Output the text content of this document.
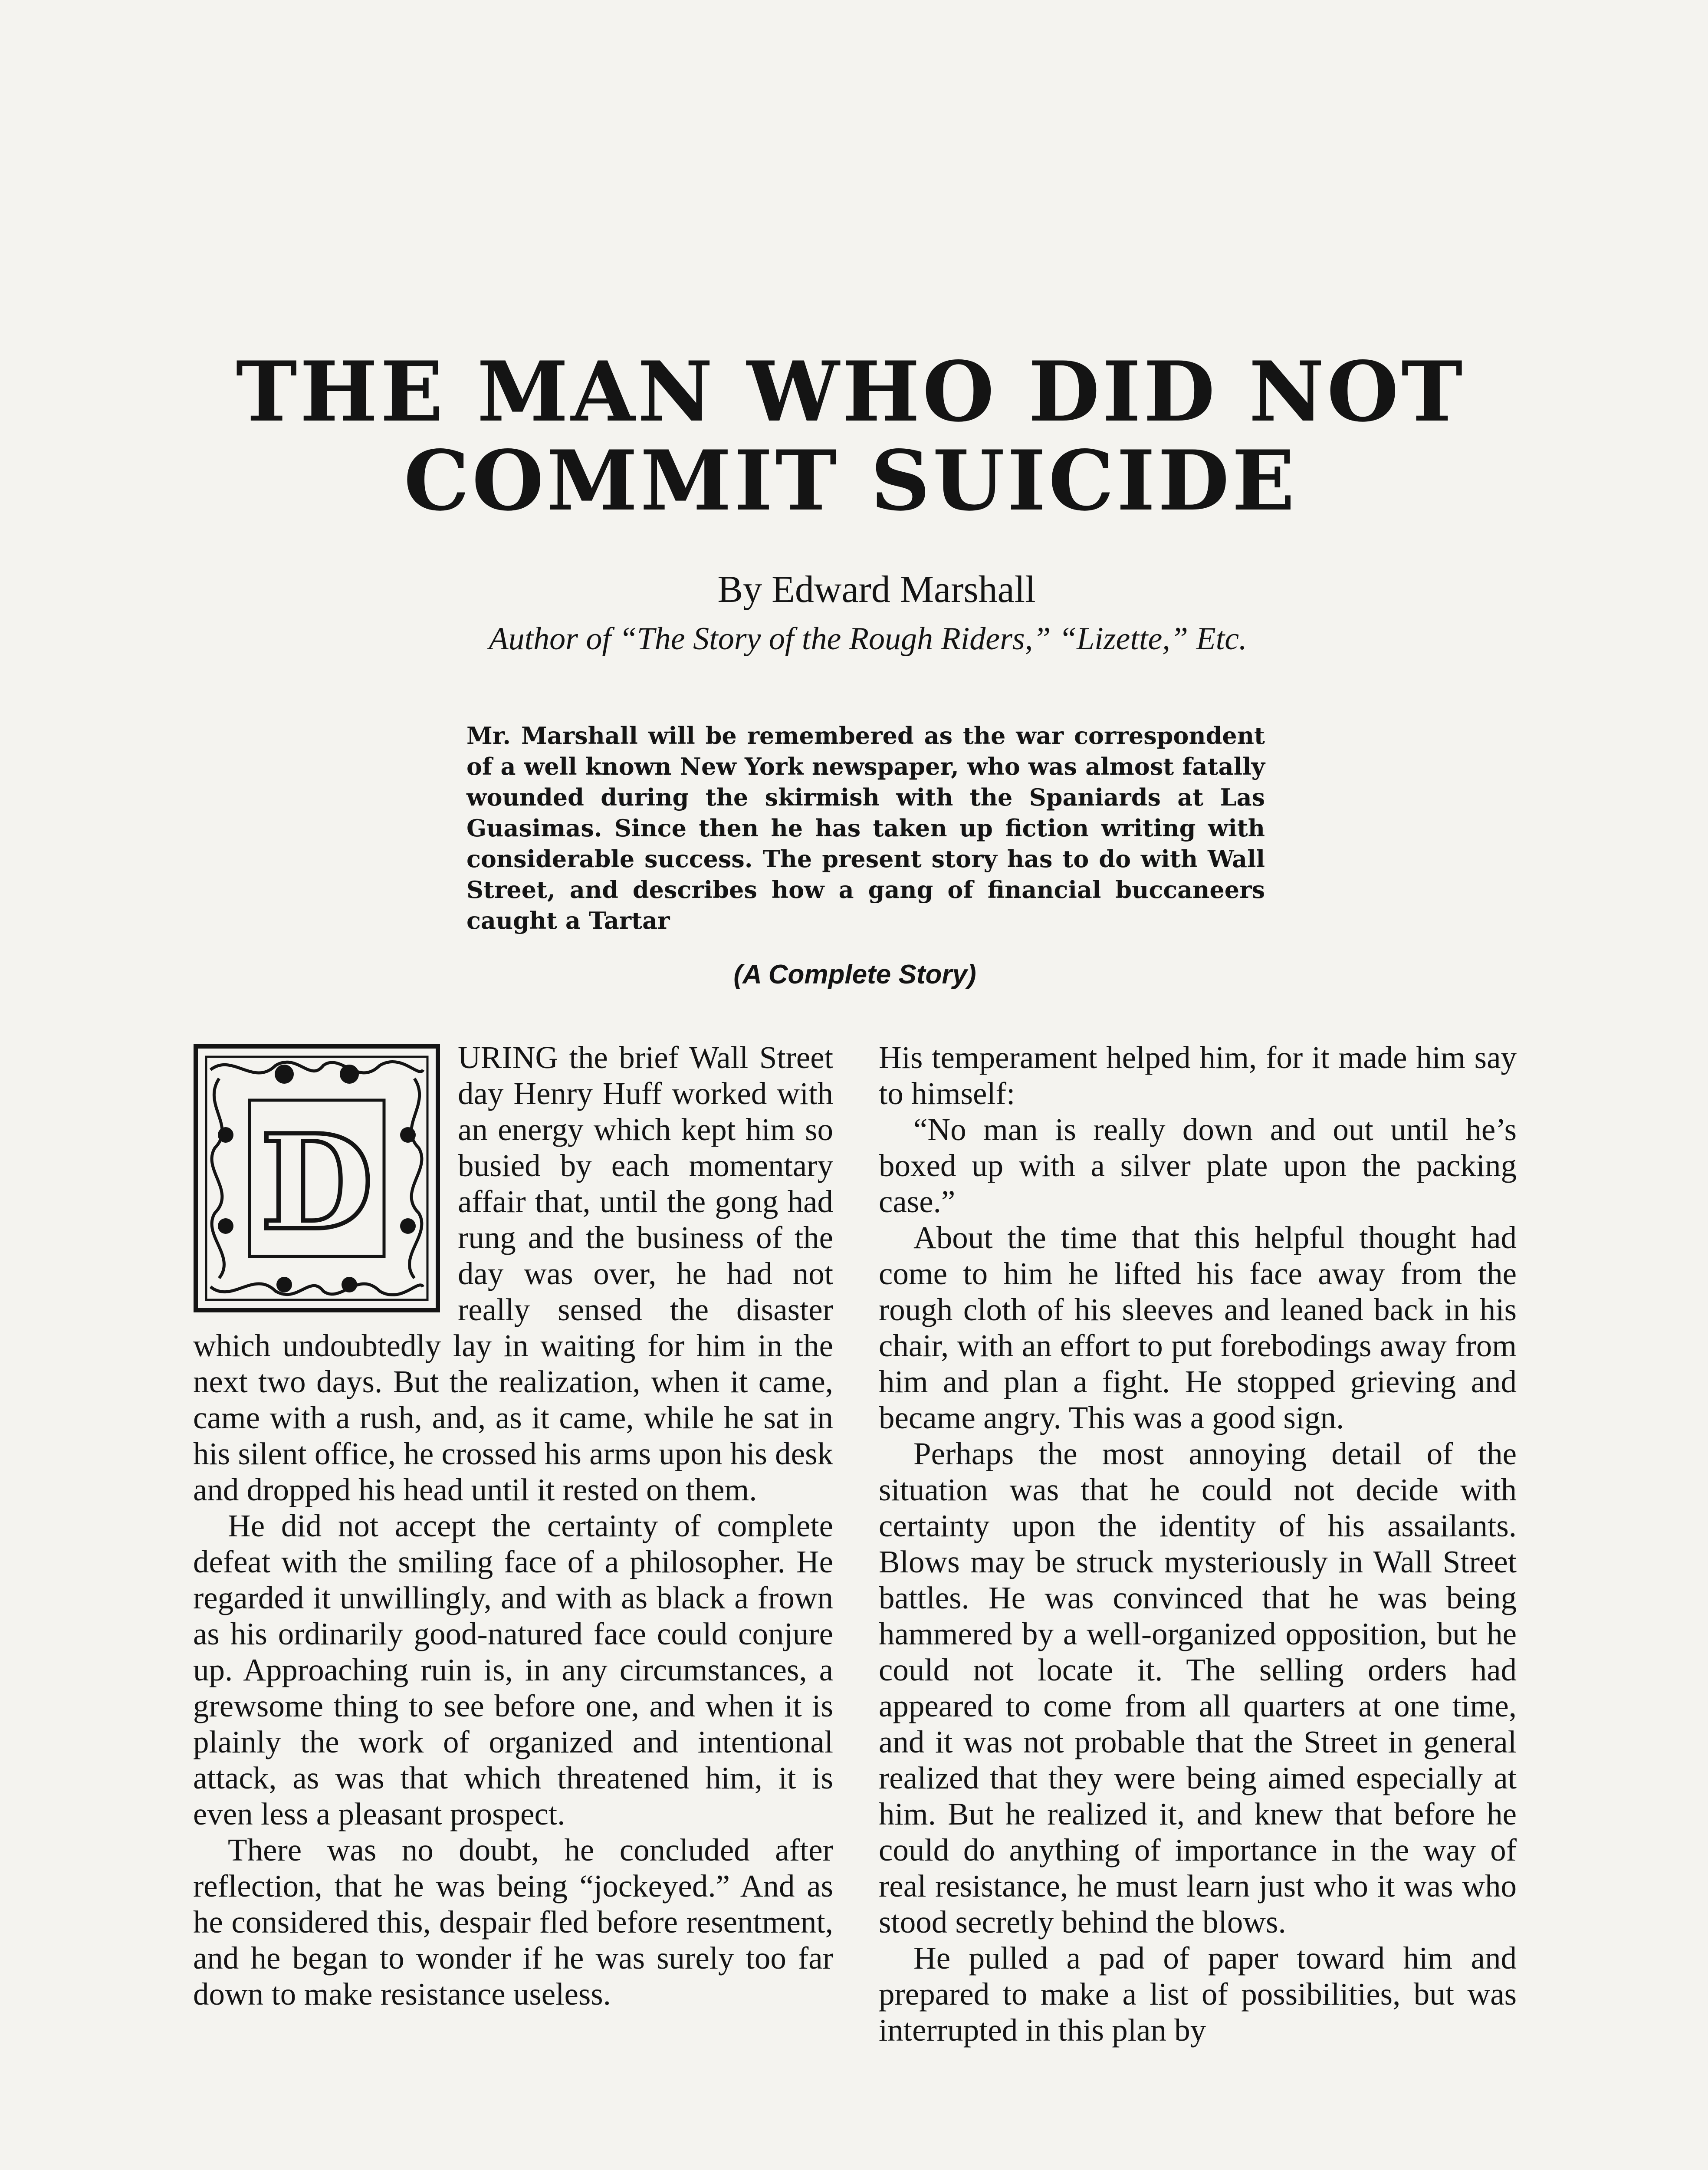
THE MAN WHO DID NOT
COMMIT SUICIDE

By Edward Marshall

Author of “The Story of the Rough Riders,” “Lizette,” Etc.

Mr. Marshall will be remembered as the war correspondent of a well known New York newspaper, who was almost fatally wounded during the skirmish with the Spaniards at Las Guasimas. Since then he has taken up fiction writing with considerable success. The present story has to do with Wall Street, and describes how a gang of financial buccaneers caught a Tartar

(A Complete Story)

D

URING the brief Wall Street day Henry Huff worked with an energy which kept him so busied by each momentary affair that, until the gong had rung and the business of the day was over, he had not really sensed the disaster which undoubtedly lay in waiting for him in the next two days. But the realization, when it came, came with a rush, and, as it came, while he sat in his silent office, he crossed his arms upon his desk and dropped his head until it rested on them.

He did not accept the certainty of complete defeat with the smiling face of a philosopher. He regarded it unwillingly, and with as black a frown as his ordinarily good-natured face could conjure up. Approaching ruin is, in any circumstances, a grewsome thing to see before one, and when it is plainly the work of organized and intentional attack, as was that which threatened him, it is even less a pleasant prospect.

There was no doubt, he concluded after reflection, that he was being “jockeyed.” And as he considered this, despair fled before resentment, and he began to wonder if he was surely too far down to make resistance useless.

His temperament helped him, for it made him say to himself:

“No man is really down and out until he’s boxed up with a silver plate upon the packing case.”

About the time that this helpful thought had come to him he lifted his face away from the rough cloth of his sleeves and leaned back in his chair, with an effort to put forebodings away from him and plan a fight. He stopped grieving and became angry. This was a good sign.

Perhaps the most annoying detail of the situation was that he could not decide with certainty upon the identity of his assailants. Blows may be struck mysteriously in Wall Street battles. He was convinced that he was being hammered by a well-organized opposition, but he could not locate it. The selling orders had appeared to come from all quarters at one time, and it was not probable that the Street in general realized that they were being aimed especially at him. But he realized it, and knew that before he could do anything of importance in the way of real resistance, he must learn just who it was who stood secretly behind the blows.

He pulled a pad of paper toward him and prepared to make a list of possibilities, but was interrupted in this plan by
